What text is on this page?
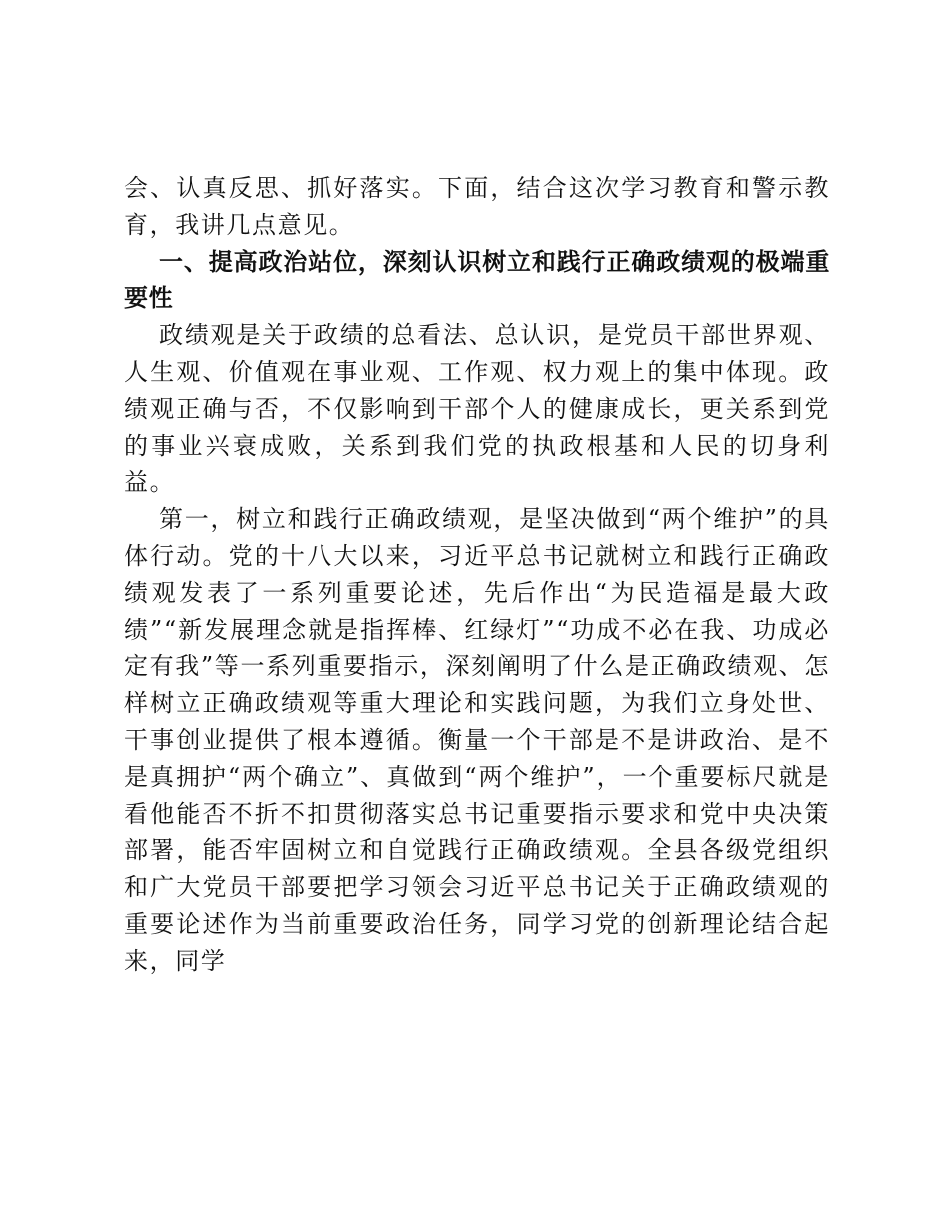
会、认真反思、抓好落实。下面，结合这次学习教育和警示教育，我讲几点意见。

一、提高政治站位，深刻认识树立和践行正确政绩观的极端重要性

政绩观是关于政绩的总看法、总认识，是党员干部世界观、人生观、价值观在事业观、工作观、权力观上的集中体现。政绩观正确与否，不仅影响到干部个人的健康成长，更关系到党的事业兴衰成败，关系到我们党的执政根基和人民的切身利益。

第一，树立和践行正确政绩观，是坚决做到“两个维护”的具体行动。党的十八大以来，习近平总书记就树立和践行正确政绩观发表了一系列重要论述，先后作出“为民造福是最大政绩”“新发展理念就是指挥棒、红绿灯”“功成不必在我、功成必定有我”等一系列重要指示，深刻阐明了什么是正确政绩观、怎样树立正确政绩观等重大理论和实践问题，为我们立身处世、干事创业提供了根本遵循。衡量一个干部是不是讲政治、是不是真拥护“两个确立”、真做到“两个维护”，一个重要标尺就是看他能否不折不扣贯彻落实总书记重要指示要求和党中央决策部署，能否牢固树立和自觉践行正确政绩观。全县各级党组织和广大党员干部要把学习领会习近平总书记关于正确政绩观的重要论述作为当前重要政治任务，同学习党的创新理论结合起来，同学
